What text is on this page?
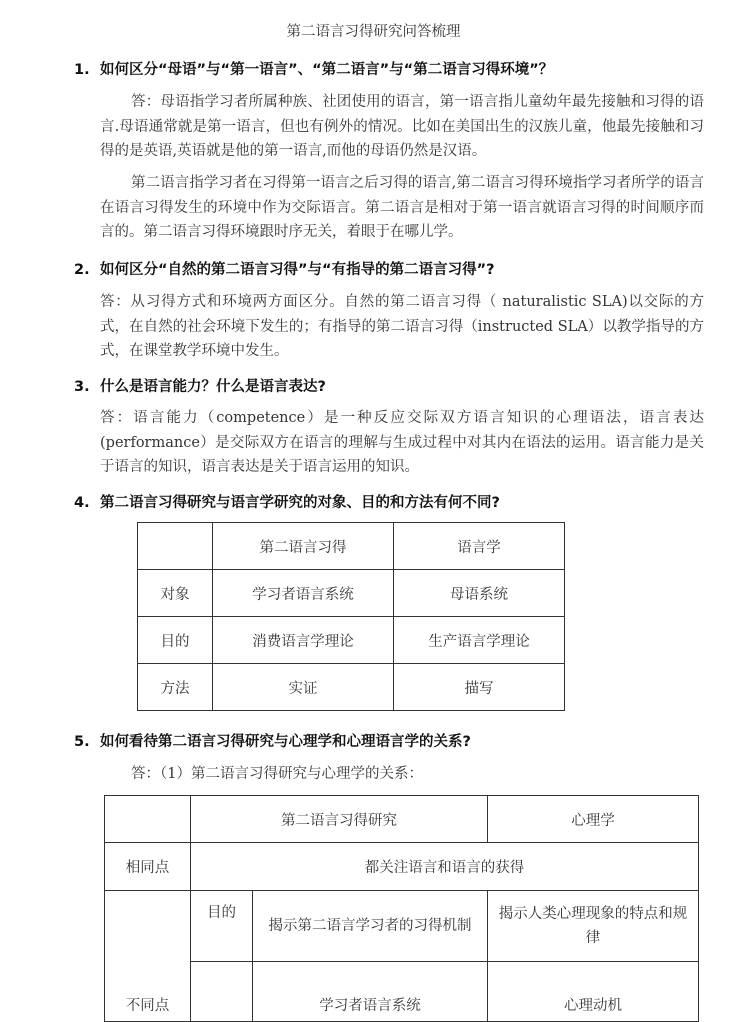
第二语言习得研究问答梳理
1. 如何区分“母语”与“第一语言”、“第二语言”与“第二语言习得环境”？
答：母语指学习者所属种族、社团使用的语言，第一语言指儿童幼年最先接触和习得的语言.母语通常就是第一语言，但也有例外的情况。比如在美国出生的汉族儿童，他最先接触和习得的是英语,英语就是他的第一语言,而他的母语仍然是汉语。
第二语言指学习者在习得第一语言之后习得的语言,第二语言习得环境指学习者所学的语言在语言习得发生的环境中作为交际语言。第二语言是相对于第一语言就语言习得的时间顺序而言的。第二语言习得环境跟时序无关，着眼于在哪儿学。
2. 如何区分“自然的第二语言习得”与“有指导的第二语言习得”?
答：从习得方式和环境两方面区分。自然的第二语言习得（ naturalistic SLA)以交际的方式，在自然的社会环境下发生的；有指导的第二语言习得（instructed SLA）以教学指导的方式，在课堂教学环境中发生。
3. 什么是语言能力？什么是语言表达?
答：语言能力（competence）是一种反应交际双方语言知识的心理语法，语言表达(performance）是交际双方在语言的理解与生成过程中对其内在语法的运用。语言能力是关于语言的知识，语言表达是关于语言运用的知识。
4. 第二语言习得研究与语言学研究的对象、目的和方法有何不同?
	第二语言习得	语言学
对象	学习者语言系统	母语系统
目的	消费语言学理论	生产语言学理论
方法	实证	描写
5. 如何看待第二语言习得研究与心理学和心理语言学的关系?
答：（1）第二语言习得研究与心理学的关系：
	第二语言习得研究		心理学
相同点	都关注语言和语言的获得		
不同点	目的	揭示第二语言学习者的习得机制	揭示人类心理现象的特点和规律
		学习者语言系统	心理动机
